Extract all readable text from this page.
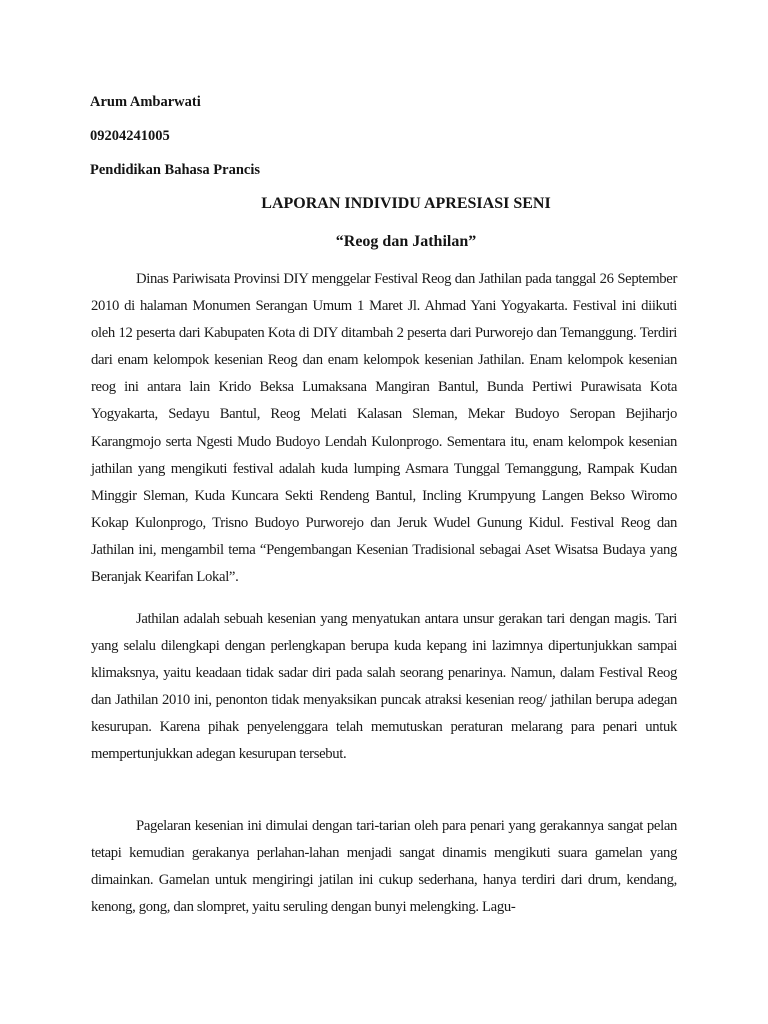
Arum Ambarwati
09204241005
Pendidikan Bahasa Prancis
LAPORAN INDIVIDU APRESIASI SENI
“Reog dan Jathilan”

Dinas Pariwisata Provinsi DIY menggelar Festival Reog dan Jathilan pada tanggal 26 September 2010 di halaman Monumen Serangan Umum 1 Maret Jl. Ahmad Yani Yogyakarta. Festival ini diikuti oleh 12 peserta dari Kabupaten Kota di DIY ditambah 2 peserta dari Purworejo dan Temanggung. Terdiri dari enam kelompok kesenian Reog dan enam kelompok kesenian Jathilan. Enam kelompok kesenian reog ini antara lain Krido Beksa Lumaksana Mangiran Bantul, Bunda Pertiwi Purawisata Kota Yogyakarta, Sedayu Bantul, Reog Melati Kalasan Sleman, Mekar Budoyo Seropan Bejiharjo Karangmojo serta Ngesti Mudo Budoyo Lendah Kulonprogo. Sementara itu, enam kelompok kesenian jathilan yang mengikuti festival adalah kuda lumping Asmara Tunggal Temanggung, Rampak Kudan Minggir Sleman, Kuda Kuncara Sekti Rendeng Bantul, Incling Krumpyung Langen Bekso Wiromo Kokap Kulonprogo, Trisno Budoyo Purworejo dan Jeruk Wudel Gunung Kidul. Festival Reog dan Jathilan ini, mengambil tema “Pengembangan Kesenian Tradisional sebagai Aset Wisatsa Budaya yang Beranjak Kearifan Lokal”.

Jathilan adalah sebuah kesenian yang menyatukan antara unsur gerakan tari dengan magis. Tari yang selalu dilengkapi dengan perlengkapan berupa kuda kepang ini lazimnya dipertunjukkan sampai klimaksnya, yaitu keadaan tidak sadar diri pada salah seorang penarinya. Namun, dalam Festival Reog dan Jathilan 2010 ini, penonton tidak menyaksikan puncak atraksi kesenian reog/ jathilan berupa adegan kesurupan. Karena pihak penyelenggara telah memutuskan peraturan melarang para penari untuk mempertunjukkan adegan kesurupan tersebut.

Pagelaran kesenian ini dimulai dengan tari-tarian oleh para penari yang gerakannya sangat pelan tetapi kemudian gerakanya perlahan-lahan menjadi sangat dinamis mengikuti suara gamelan yang dimainkan. Gamelan untuk mengiringi jatilan ini cukup sederhana, hanya terdiri dari drum, kendang, kenong, gong, dan slompret, yaitu seruling dengan bunyi melengking. Lagu-
